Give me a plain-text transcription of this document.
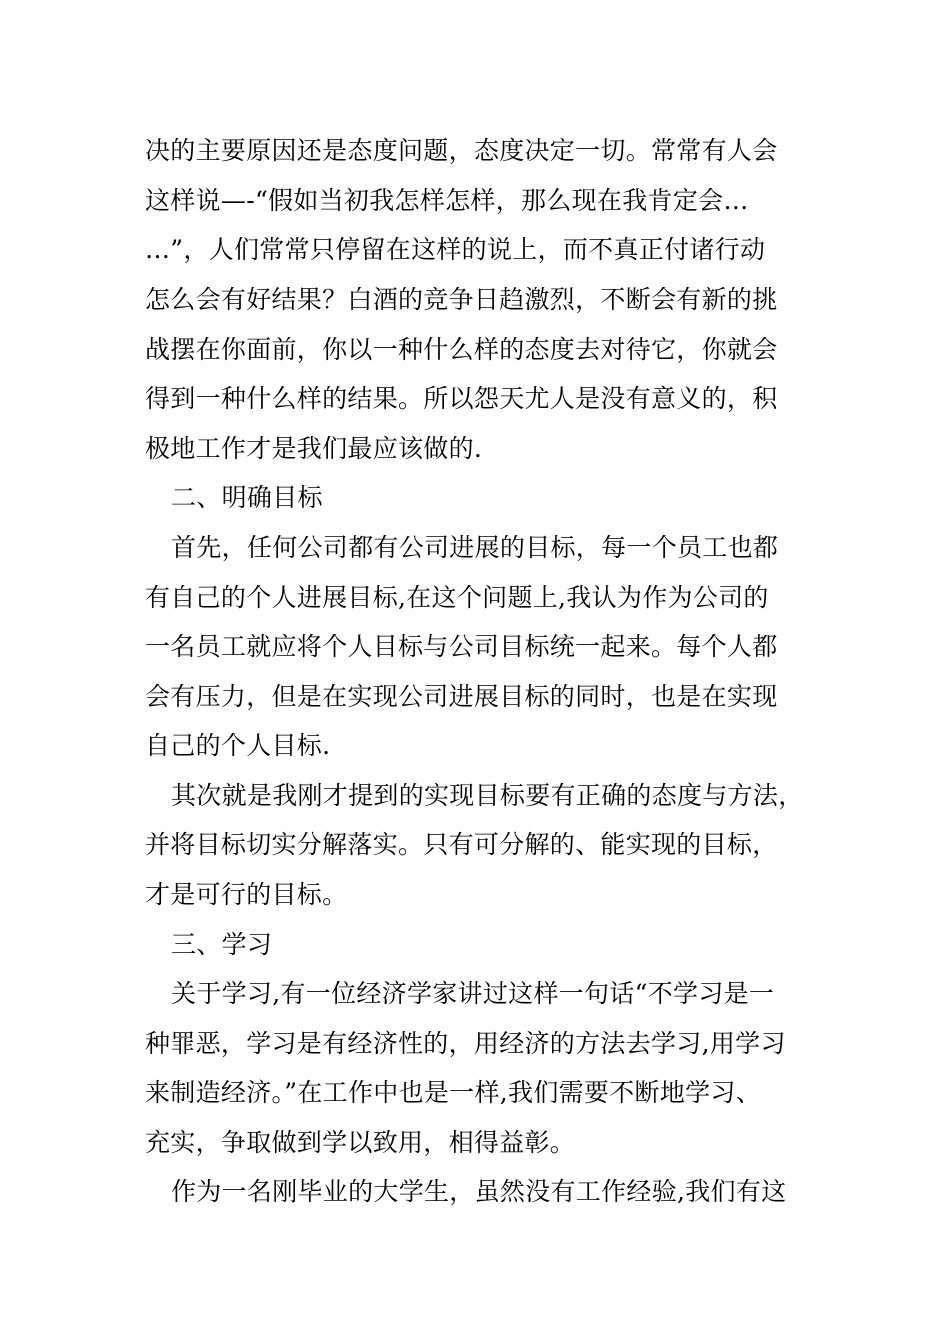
决的主要原因还是态度问题，态度决定一切。常常有人会
这样说—-“假如当初我怎样怎样，那么现在我肯定会…
…”，人们常常只停留在这样的说上，而不真正付诸行动
怎么会有好结果？白酒的竞争日趋激烈，不断会有新的挑
战摆在你面前，你以一种什么样的态度去对待它，你就会
得到一种什么样的结果。所以怨天尤人是没有意义的，积
极地工作才是我们最应该做的.
二、明确目标
首先，任何公司都有公司进展的目标，每一个员工也都
有自己的个人进展目标,在这个问题上,我认为作为公司的
一名员工就应将个人目标与公司目标统一起来。每个人都
会有压力，但是在实现公司进展目标的同时，也是在实现
自己的个人目标.
其次就是我刚才提到的实现目标要有正确的态度与方法，
并将目标切实分解落实。只有可分解的、能实现的目标，
才是可行的目标。
三、学习
关于学习,有一位经济学家讲过这样一句话“不学习是一
种罪恶，学习是有经济性的，用经济的方法去学习,用学习
来制造经济。”在工作中也是一样,我们需要不断地学习、
充实，争取做到学以致用，相得益彰。
作为一名刚毕业的大学生，虽然没有工作经验,我们有这
